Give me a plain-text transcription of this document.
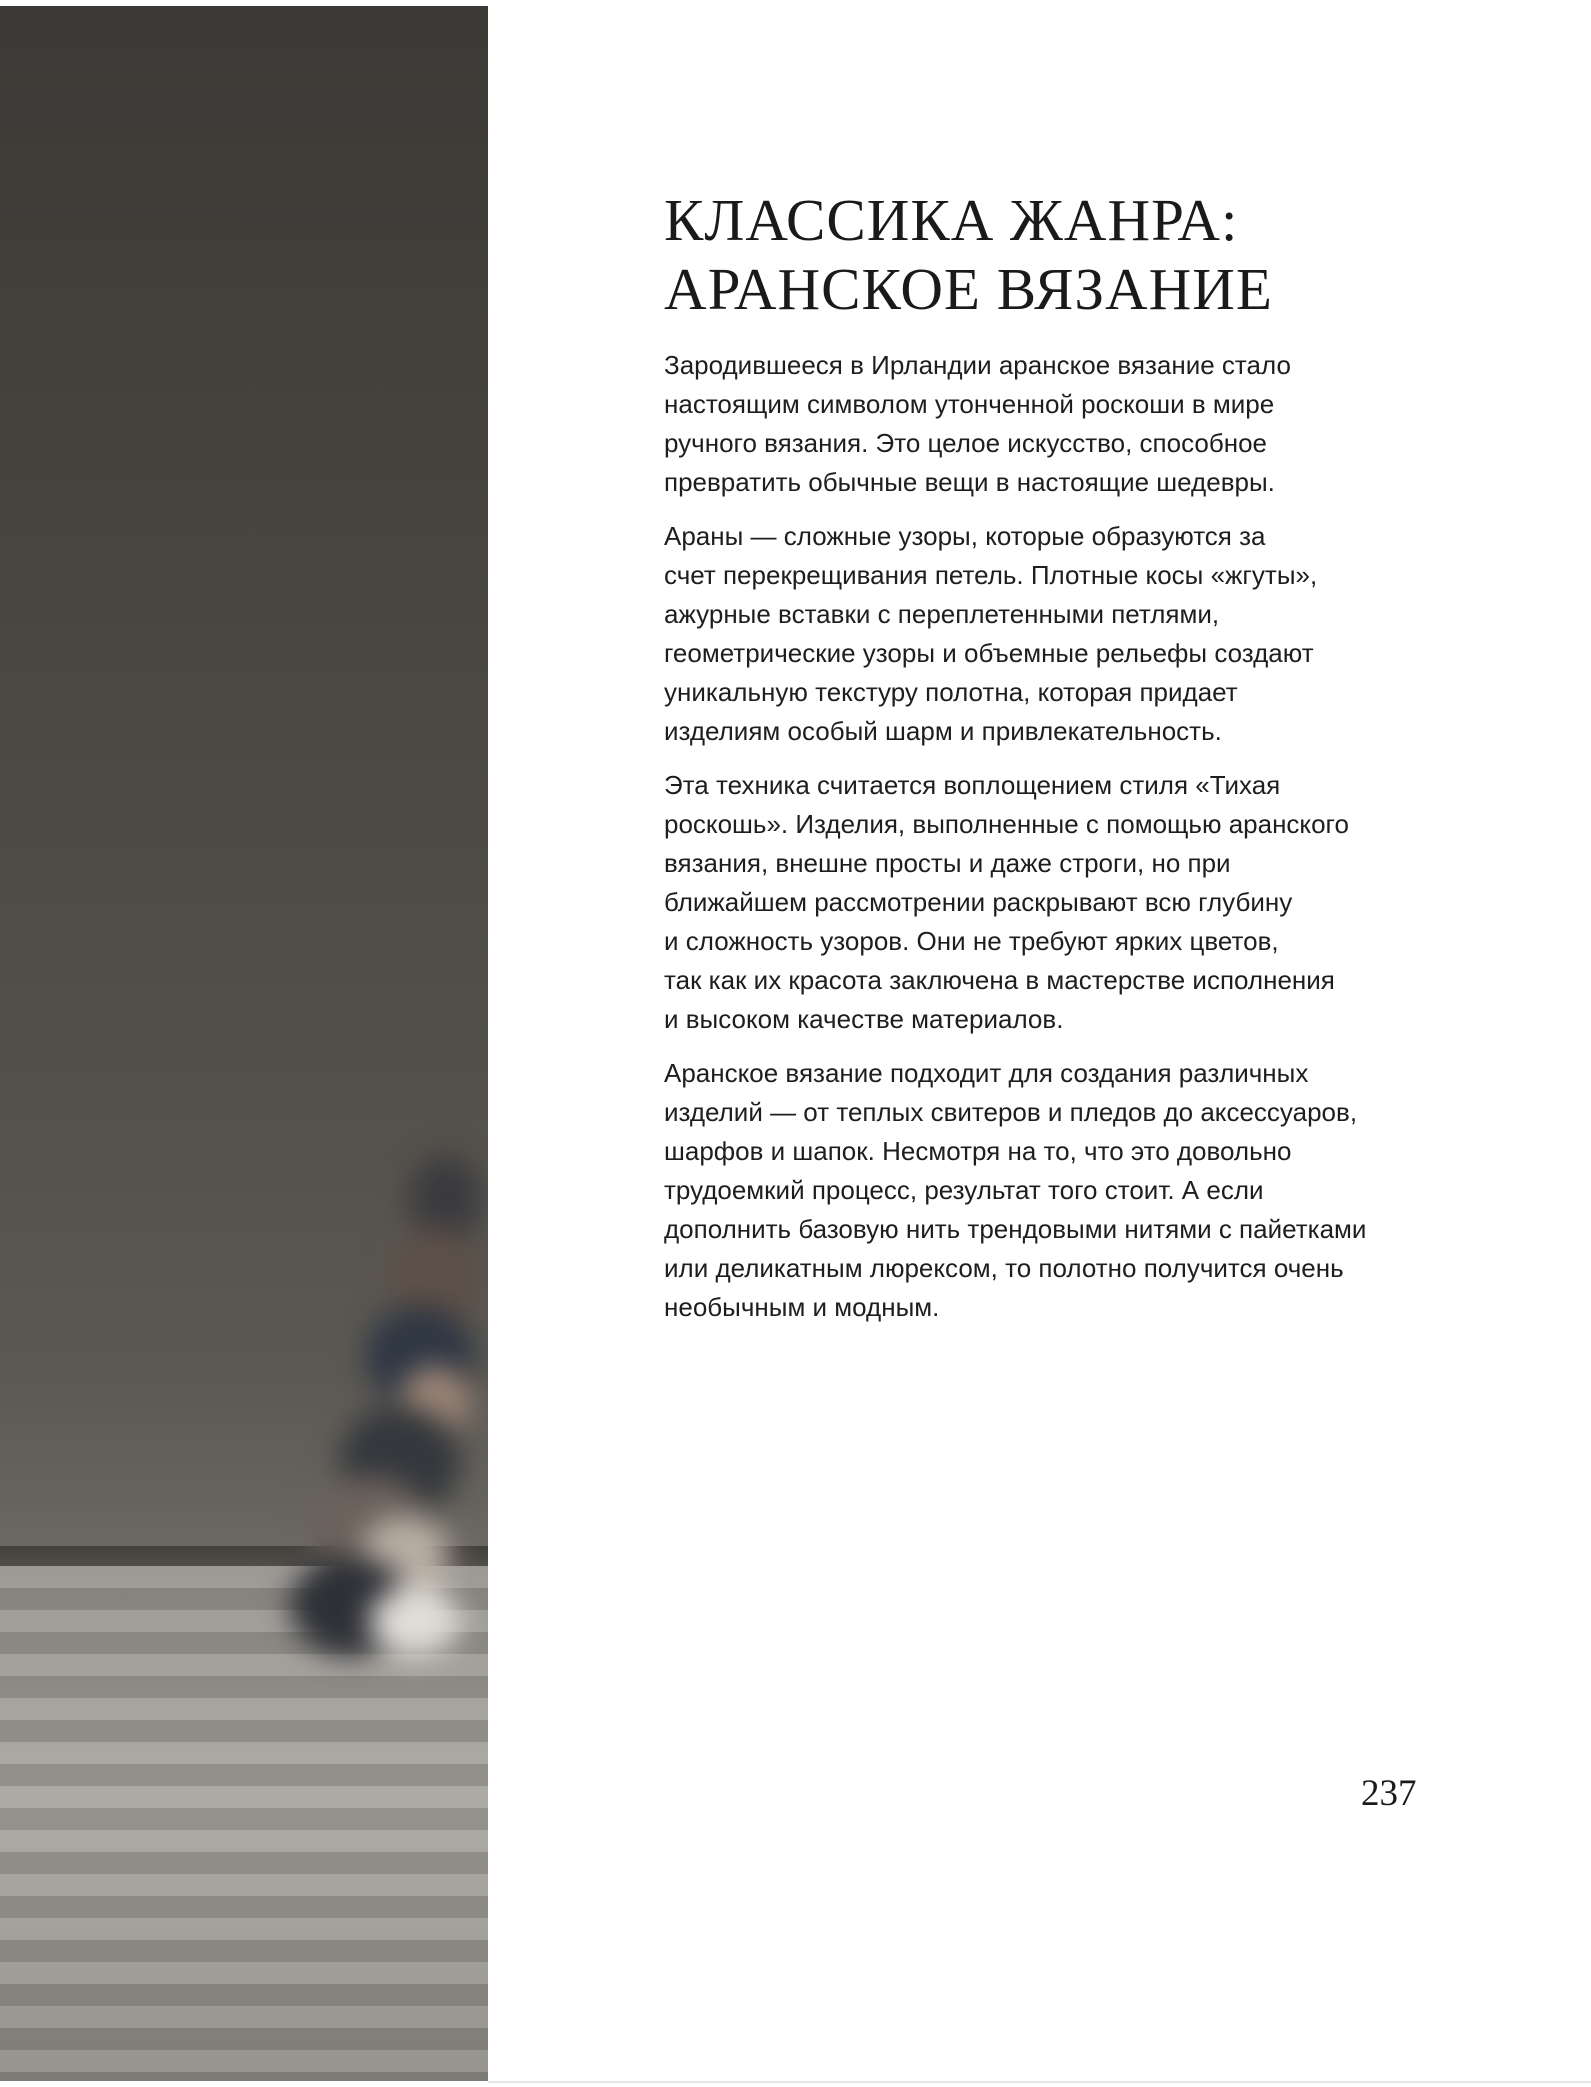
КЛАССИКА ЖАНРА:
АРАНСКОЕ ВЯЗАНИЕ

Зародившееся в Ирландии аранское вязание стало
настоящим символом утонченной роскоши в мире
ручного вязания. Это целое искусство, способное
превратить обычные вещи в настоящие шедевры.

Араны — сложные узоры, которые образуются за
счет перекрещивания петель. Плотные косы «жгуты»,
ажурные вставки с переплетенными петлями,
геометрические узоры и объемные рельефы создают
уникальную текстуру полотна, которая придает
изделиям особый шарм и привлекательность.

Эта техника считается воплощением стиля «Тихая
роскошь». Изделия, выполненные с помощью аранского
вязания, внешне просты и даже строги, но при
ближайшем рассмотрении раскрывают всю глубину
и сложность узоров. Они не требуют ярких цветов,
так как их красота заключена в мастерстве исполнения
и высоком качестве материалов.

Аранское вязание подходит для создания различных
изделий — от теплых свитеров и пледов до аксессуаров,
шарфов и шапок. Несмотря на то, что это довольно
трудоемкий процесс, результат того стоит. А если
дополнить базовую нить трендовыми нитями с пайетками
или деликатным люрексом, то полотно получится очень
необычным и модным.

237
